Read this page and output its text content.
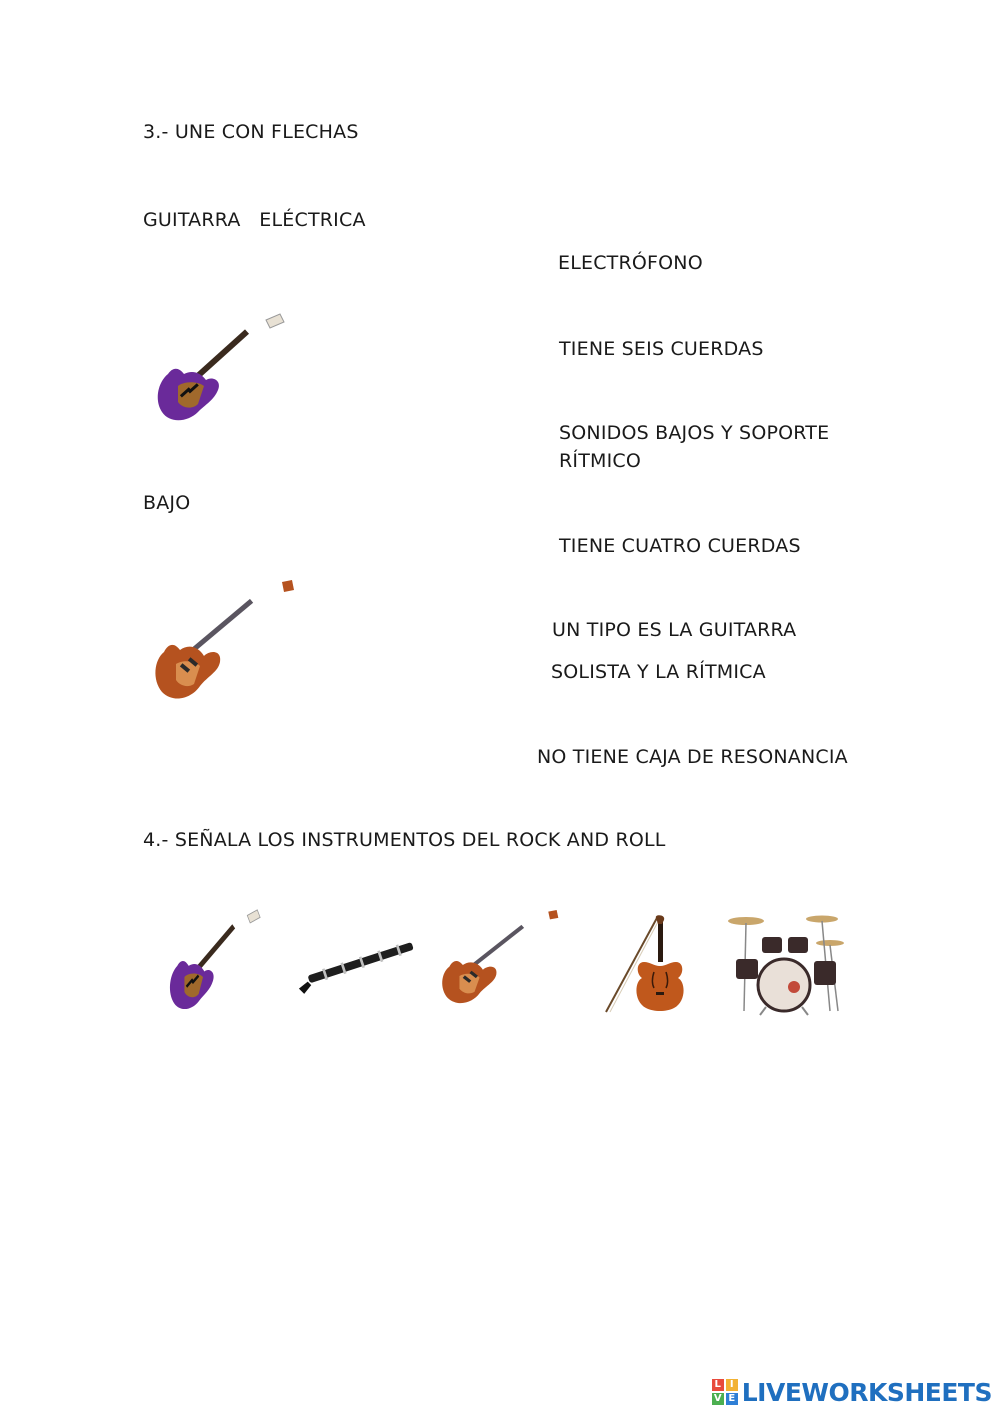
3.- UNE CON FLECHAS
GUITARRA   ELÉCTRICA
BAJO
ELECTRÓFONO
TIENE SEIS CUERDAS
SONIDOS BAJOS Y SOPORTE
RÍTMICO
TIENE CUATRO CUERDAS
UN TIPO ES LA GUITARRA
SOLISTA Y LA RÍTMICA
NO TIENE CAJA DE RESONANCIA
4.- SEÑALA LOS INSTRUMENTOS DEL ROCK AND ROLL
L I
V E LIVEWORKSHEETS
